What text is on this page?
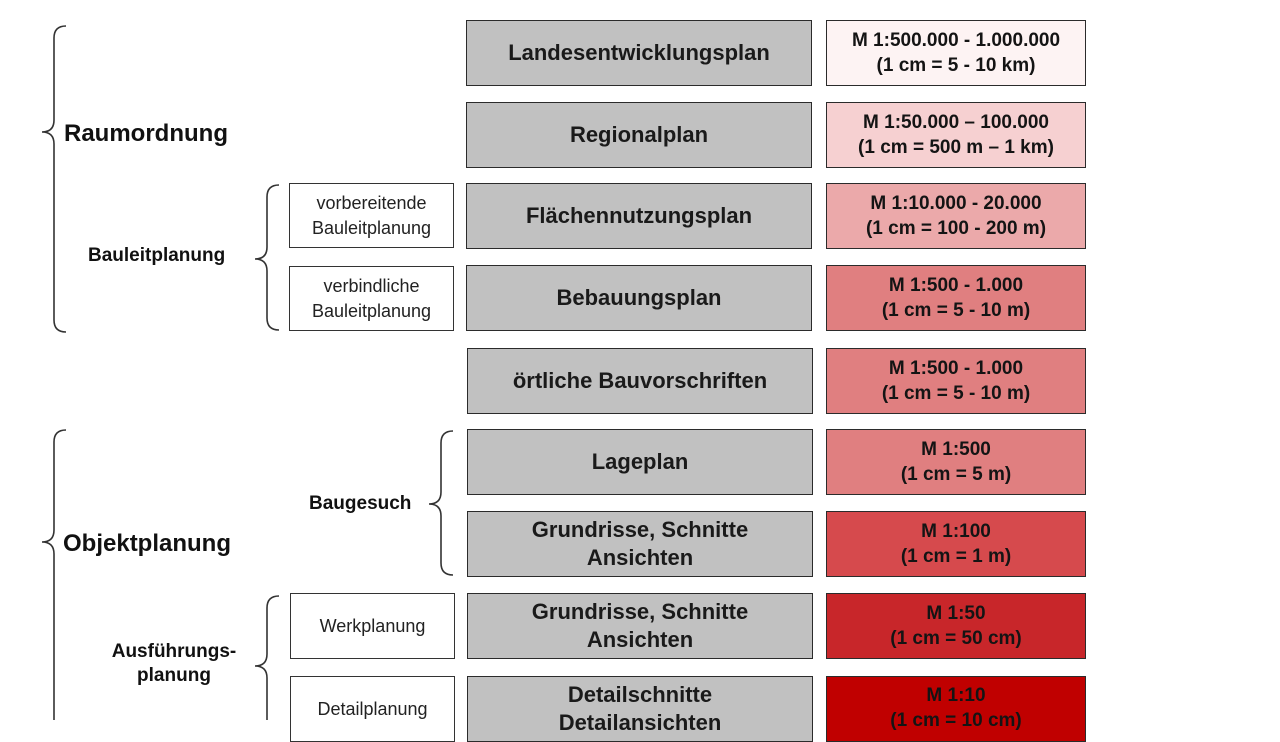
Raumordnung
Bauleitplanung
Objektplanung
Baugesuch
Ausführungs-
planung
vorbereitende
Bauleitplanung
verbindliche
Bauleitplanung
Werkplanung
Detailplanung
Landesentwicklungsplan
Regionalplan
Flächennutzungsplan
Bebauungsplan
örtliche Bauvorschriften
Lageplan
Grundrisse, Schnitte
Ansichten
Grundrisse, Schnitte
Ansichten
Detailschnitte
Detailansichten
M 1:500.000 - 1.000.000
(1 cm = 5 - 10 km)
M 1:50.000 – 100.000
(1 cm = 500 m – 1 km)
M 1:10.000 - 20.000
(1 cm = 100 - 200 m)
M 1:500 - 1.000
(1 cm = 5 - 10 m)
M 1:500 - 1.000
(1 cm = 5 - 10 m)
M 1:500
(1 cm = 5 m)
M 1:100
(1 cm = 1 m)
M 1:50
(1 cm = 50 cm)
M 1:10
(1 cm = 10 cm)
